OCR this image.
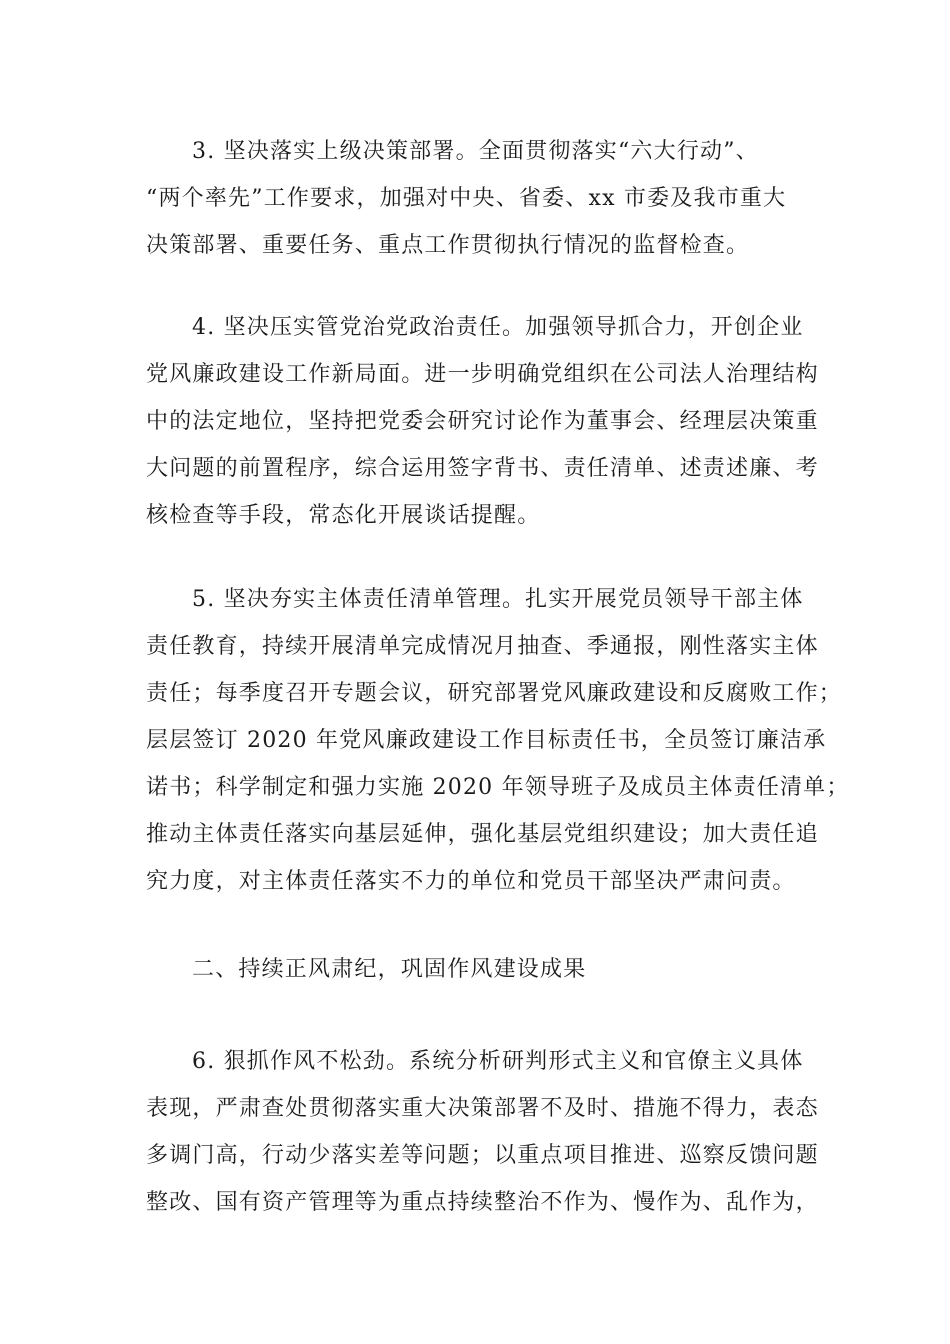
3. 坚决落实上级决策部署。全面贯彻落实“六大行动”、
“两个率先”工作要求，加强对中央、省委、xx 市委及我市重大
决策部署、重要任务、重点工作贯彻执行情况的监督检查。
4. 坚决压实管党治党政治责任。加强领导抓合力，开创企业
党风廉政建设工作新局面。进一步明确党组织在公司法人治理结构
中的法定地位，坚持把党委会研究讨论作为董事会、经理层决策重
大问题的前置程序，综合运用签字背书、责任清单、述责述廉、考
核检查等手段，常态化开展谈话提醒。
5. 坚决夯实主体责任清单管理。扎实开展党员领导干部主体
责任教育，持续开展清单完成情况月抽查、季通报，刚性落实主体
责任；每季度召开专题会议，研究部署党风廉政建设和反腐败工作；
层层签订 2020 年党风廉政建设工作目标责任书，全员签订廉洁承
诺书；科学制定和强力实施 2020 年领导班子及成员主体责任清单；
推动主体责任落实向基层延伸，强化基层党组织建设；加大责任追
究力度，对主体责任落实不力的单位和党员干部坚决严肃问责。
二、持续正风肃纪，巩固作风建设成果
6. 狠抓作风不松劲。系统分析研判形式主义和官僚主义具体
表现，严肃查处贯彻落实重大决策部署不及时、措施不得力，表态
多调门高，行动少落实差等问题；以重点项目推进、巡察反馈问题
整改、国有资产管理等为重点持续整治不作为、慢作为、乱作为，
